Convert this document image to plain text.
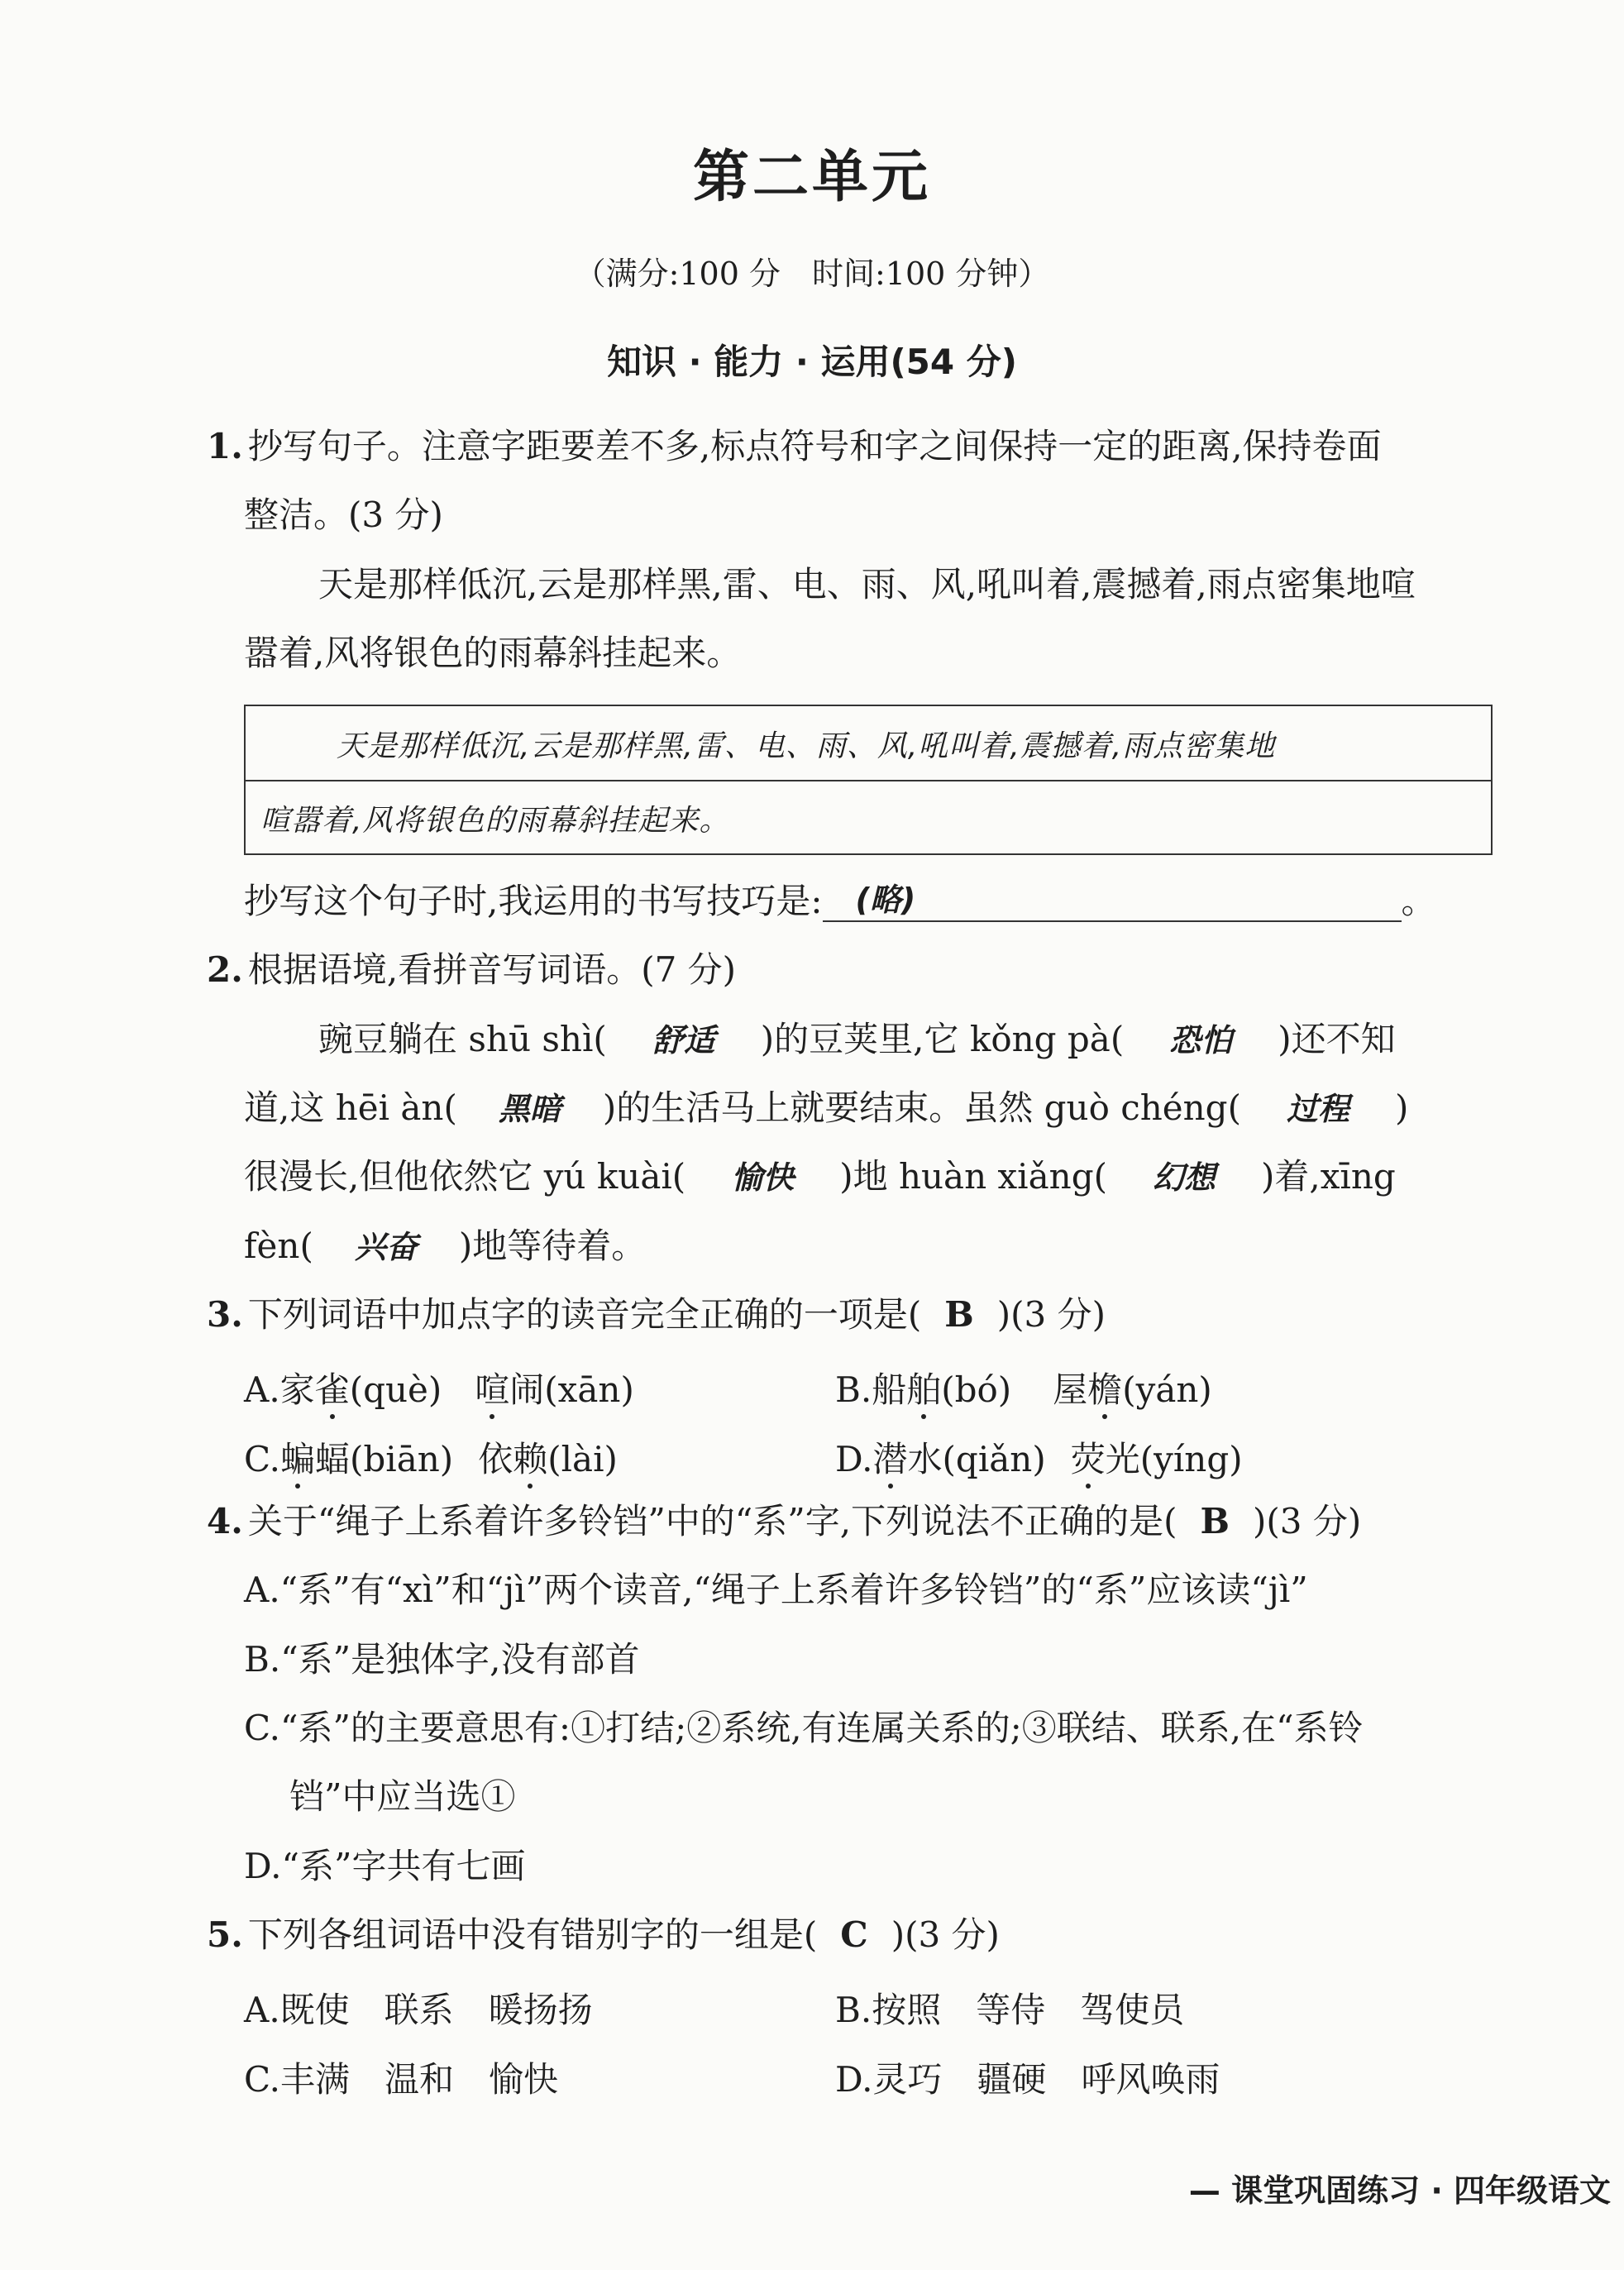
第二单元
（满分:100 分　时间:100 分钟）
知识 · 能力 · 运用(54 分)
1. 抄写句子。注意字距要差不多,标点符号和字之间保持一定的距离,保持卷面
整洁。(3 分)
天是那样低沉,云是那样黑,雷、电、雨、风,吼叫着,震撼着,雨点密集地喧
嚣着,风将银色的雨幕斜挂起来。
天是那样低沉,云是那样黑,雷、电、雨、风,吼叫着,震撼着,雨点密集地
喧嚣着,风将银色的雨幕斜挂起来。
抄写这个句子时,我运用的书写技巧是: (略)	。
2. 根据语境,看拼音写词语。(7 分)
豌豆躺在 shū shì( 舒适 )的豆荚里,它 kǒng pà( 恐怕 )还不知
道,这 hēi àn( 黑暗 )的生活马上就要结束。虽然 guò chéng( 过程 )
很漫长,但他依然它 yú kuài( 愉快 )地 huàn xiǎng( 幻想 )着,xīng
fèn( 兴奋 )地等待着。
3. 下列词语中加点字的读音完全正确的一项是( B )(3 分)
A.家雀(què) 喧闹(xān)	B.船舶(bó) 屋檐(yán)
C.蝙蝠(biān) 依赖(lài)	D.潜水(qiǎn) 荧光(yíng)
4. 关于“绳子上系着许多铃铛”中的“系”字,下列说法不正确的是( B )(3 分)
A.“系”有“xì”和“jì”两个读音,“绳子上系着许多铃铛”的“系”应该读“jì”
B.“系”是独体字,没有部首
C.“系”的主要意思有:①打结;②系统,有连属关系的;③联结、联系,在“系铃
铛”中应当选①
D.“系”字共有七画
5. 下列各组词语中没有错别字的一组是( C )(3 分)
A.既使　联系　暖扬扬	B.按照　等侍　驾使员
C.丰满　温和　愉快	D.灵巧　疆硬　呼风唤雨
— 课堂巩固练习 · 四年级语文
